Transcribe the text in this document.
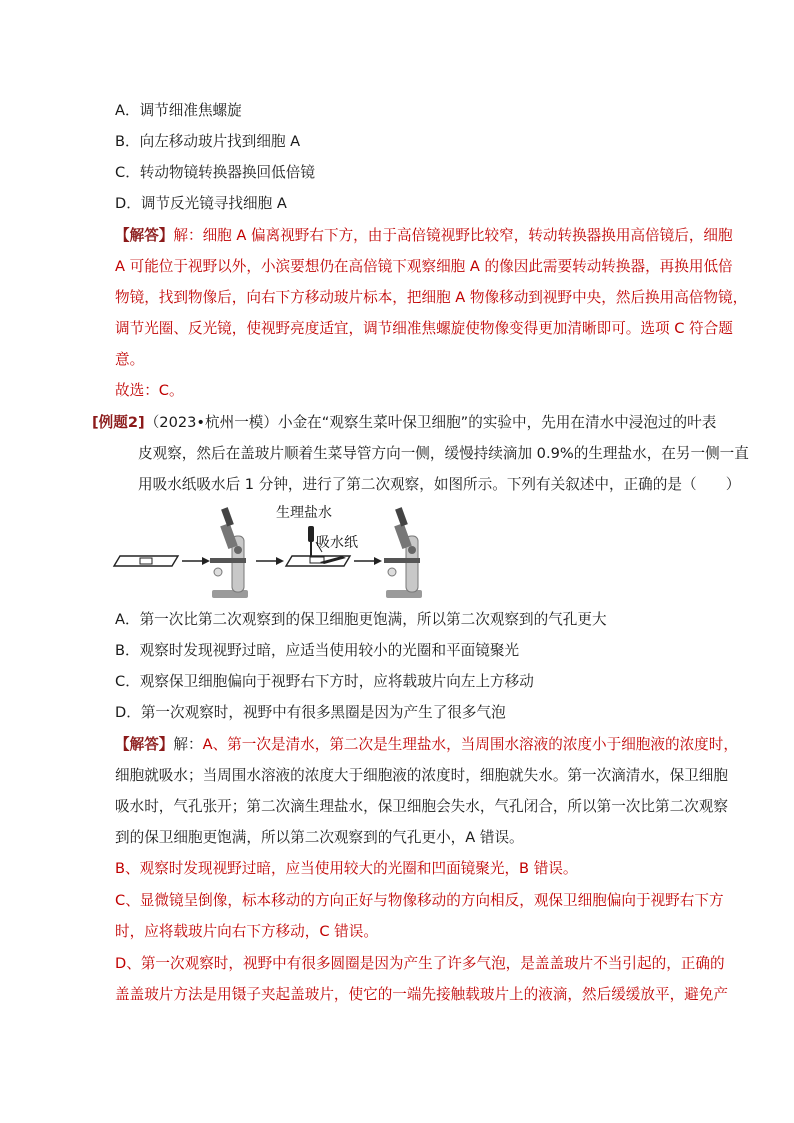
A．调节细准焦螺旋
B．向左移动玻片找到细胞 A
C．转动物镜转换器换回低倍镜
D．调节反光镜寻找细胞 A
【解答】解：细胞 A 偏离视野右下方，由于高倍镜视野比较窄，转动转换器换用高倍镜后，细胞
A 可能位于视野以外，小滨要想仍在高倍镜下观察细胞 A 的像因此需要转动转换器，再换用低倍
物镜，找到物像后，向右下方移动玻片标本，把细胞 A 物像移动到视野中央，然后换用高倍物镜，
调节光圈、反光镜，使视野亮度适宜，调节细准焦螺旋使物像变得更加清晰即可。选项 C 符合题
意。
故选：C。
[例题2]（2023•杭州一模）小金在“观察生菜叶保卫细胞”的实验中，先用在清水中浸泡过的叶表
皮观察，然后在盖玻片顺着生菜导管方向一侧，缓慢持续滴加 0.9%的生理盐水，在另一侧一直
用吸水纸吸水后 1 分钟，进行了第二次观察，如图所示。下列有关叙述中，正确的是（　　）
生理盐水
吸水纸
A．第一次比第二次观察到的保卫细胞更饱满，所以第二次观察到的气孔更大
B．观察时发现视野过暗，应适当使用较小的光圈和平面镜聚光
C．观察保卫细胞偏向于视野右下方时，应将载玻片向左上方移动
D．第一次观察时，视野中有很多黑圈是因为产生了很多气泡
【解答】解：A、第一次是清水，第二次是生理盐水，当周围水溶液的浓度小于细胞液的浓度时，
细胞就吸水；当周围水溶液的浓度大于细胞液的浓度时，细胞就失水。第一次滴清水，保卫细胞
吸水时，气孔张开；第二次滴生理盐水，保卫细胞会失水，气孔闭合，所以第一次比第二次观察
到的保卫细胞更饱满，所以第二次观察到的气孔更小，A 错误。
B、观察时发现视野过暗，应当使用较大的光圈和凹面镜聚光，B 错误。
C、显微镜呈倒像，标本移动的方向正好与物像移动的方向相反，观保卫细胞偏向于视野右下方
时，应将载玻片向右下方移动，C 错误。
D、第一次观察时，视野中有很多圆圈是因为产生了许多气泡，是盖盖玻片不当引起的，正确的
盖盖玻片方法是用镊子夹起盖玻片，使它的一端先接触载玻片上的液滴，然后缓缓放平，避免产
